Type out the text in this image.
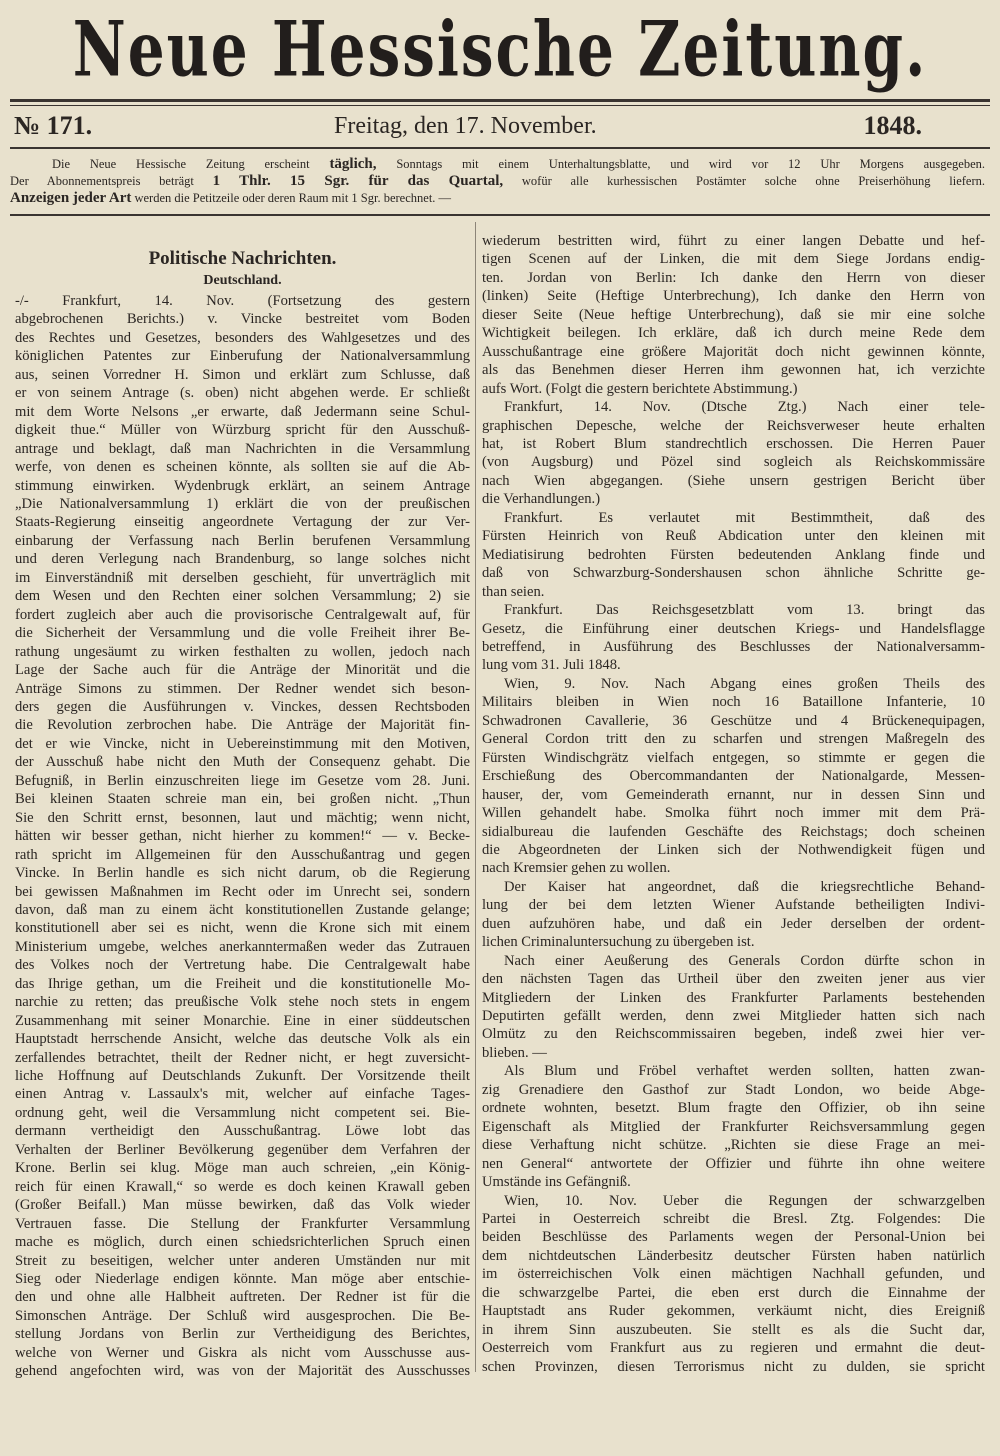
Neue Hessische Zeitung.
№ 171.	Freitag, den 17. November.	1848.
Die Neue Hessische Zeitung erscheint täglich, Sonntags mit einem Unterhaltungsblatte, und wird vor 12 Uhr Morgens ausgegeben.
Der Abonnementspreis beträgt 1 Thlr. 15 Sgr. für das Quartal, wofür alle kurhessischen Postämter solche ohne Preiserhöhung liefern.
Anzeigen jeder Art werden die Petitzeile oder deren Raum mit 1 Sgr. berechnet. —
Politische Nachrichten.
Deutschland.
-/- Frankfurt, 14. Nov. (Fortsetzung des gestern
abgebrochenen Berichts.) v. Vincke bestreitet vom Boden
des Rechtes und Gesetzes, besonders des Wahlgesetzes und des
königlichen Patentes zur Einberufung der Nationalversammlung
aus, seinen Vorredner H. Simon und erklärt zum Schlusse, daß
er von seinem Antrage (s. oben) nicht abgehen werde. Er schließt
mit dem Worte Nelsons „er erwarte, daß Jedermann seine Schul-
digkeit thue.“ Müller von Würzburg spricht für den Ausschuß-
antrage und beklagt, daß man Nachrichten in die Versammlung
werfe, von denen es scheinen könnte, als sollten sie auf die Ab-
stimmung einwirken. Wydenbrugk erklärt, an seinem Antrage
„Die Nationalversammlung 1) erklärt die von der preußischen
Staats-Regierung einseitig angeordnete Vertagung der zur Ver-
einbarung der Verfassung nach Berlin berufenen Versammlung
und deren Verlegung nach Brandenburg, so lange solches nicht
im Einverständniß mit derselben geschieht, für unverträglich mit
dem Wesen und den Rechten einer solchen Versammlung; 2) sie
fordert zugleich aber auch die provisorische Centralgewalt auf, für
die Sicherheit der Versammlung und die volle Freiheit ihrer Be-
rathung ungesäumt zu wirken festhalten zu wollen, jedoch nach
Lage der Sache auch für die Anträge der Minorität und die
Anträge Simons zu stimmen. Der Redner wendet sich beson-
ders gegen die Ausführungen v. Vinckes, dessen Rechtsboden
die Revolution zerbrochen habe. Die Anträge der Majorität fin-
det er wie Vincke, nicht in Uebereinstimmung mit den Motiven,
der Ausschuß habe nicht den Muth der Consequenz gehabt. Die
Befugniß, in Berlin einzuschreiten liege im Gesetze vom 28. Juni.
Bei kleinen Staaten schreie man ein, bei großen nicht. „Thun
Sie den Schritt ernst, besonnen, laut und mächtig; wenn nicht,
hätten wir besser gethan, nicht hierher zu kommen!“ — v. Becke-
rath spricht im Allgemeinen für den Ausschußantrag und gegen
Vincke. In Berlin handle es sich nicht darum, ob die Regierung
bei gewissen Maßnahmen im Recht oder im Unrecht sei, sondern
davon, daß man zu einem ächt konstitutionellen Zustande gelange;
konstitutionell aber sei es nicht, wenn die Krone sich mit einem
Ministerium umgebe, welches anerkanntermaßen weder das Zutrauen
des Volkes noch der Vertretung habe. Die Centralgewalt habe
das Ihrige gethan, um die Freiheit und die konstitutionelle Mo-
narchie zu retten; das preußische Volk stehe noch stets in engem
Zusammenhang mit seiner Monarchie. Eine in einer süddeutschen
Hauptstadt herrschende Ansicht, welche das deutsche Volk als ein
zerfallendes betrachtet, theilt der Redner nicht, er hegt zuversicht-
liche Hoffnung auf Deutschlands Zukunft. Der Vorsitzende theilt
einen Antrag v. Lassaulx's mit, welcher auf einfache Tages-
ordnung geht, weil die Versammlung nicht competent sei. Bie-
dermann vertheidigt den Ausschußantrag. Löwe lobt das
Verhalten der Berliner Bevölkerung gegenüber dem Verfahren der
Krone. Berlin sei klug. Möge man auch schreien, „ein König-
reich für einen Krawall,“ so werde es doch keinen Krawall geben
(Großer Beifall.) Man müsse bewirken, daß das Volk wieder
Vertrauen fasse. Die Stellung der Frankfurter Versammlung
mache es möglich, durch einen schiedsrichterlichen Spruch einen
Streit zu beseitigen, welcher unter anderen Umständen nur mit
Sieg oder Niederlage endigen könnte. Man möge aber entschie-
den und ohne alle Halbheit auftreten. Der Redner ist für die
Simonschen Anträge. Der Schluß wird ausgesprochen. Die Be-
stellung Jordans von Berlin zur Vertheidigung des Berichtes,
welche von Werner und Giskra als nicht vom Ausschusse aus-
gehend angefochten wird, was von der Majorität des Ausschusses
wiederum bestritten wird, führt zu einer langen Debatte und hef-
tigen Scenen auf der Linken, die mit dem Siege Jordans endig-
ten. Jordan von Berlin: Ich danke den Herrn von dieser
(linken) Seite (Heftige Unterbrechung), Ich danke den Herrn von
dieser Seite (Neue heftige Unterbrechung), daß sie mir eine solche
Wichtigkeit beilegen. Ich erkläre, daß ich durch meine Rede dem
Ausschußantrage eine größere Majorität doch nicht gewinnen könnte,
als das Benehmen dieser Herren ihm gewonnen hat, ich verzichte
aufs Wort. (Folgt die gestern berichtete Abstimmung.)
Frankfurt, 14. Nov. (Dtsche Ztg.) Nach einer tele-
graphischen Depesche, welche der Reichsverweser heute erhalten
hat, ist Robert Blum standrechtlich erschossen. Die Herren Pauer
(von Augsburg) und Pözel sind sogleich als Reichskommissäre
nach Wien abgegangen. (Siehe unsern gestrigen Bericht über
die Verhandlungen.)
Frankfurt. Es verlautet mit Bestimmtheit, daß des
Fürsten Heinrich von Reuß Abdication unter den kleinen mit
Mediatisirung bedrohten Fürsten bedeutenden Anklang finde und
daß von Schwarzburg-Sondershausen schon ähnliche Schritte ge-
than seien.
Frankfurt. Das Reichsgesetzblatt vom 13. bringt das
Gesetz, die Einführung einer deutschen Kriegs- und Handelsflagge
betreffend, in Ausführung des Beschlusses der Nationalversamm-
lung vom 31. Juli 1848.
Wien, 9. Nov. Nach Abgang eines großen Theils des
Militairs bleiben in Wien noch 16 Bataillone Infanterie, 10
Schwadronen Cavallerie, 36 Geschütze und 4 Brückenequipagen,
General Cordon tritt den zu scharfen und strengen Maßregeln des
Fürsten Windischgrätz vielfach entgegen, so stimmte er gegen die
Erschießung des Obercommandanten der Nationalgarde, Messen-
hauser, der, vom Gemeinderath ernannt, nur in dessen Sinn und
Willen gehandelt habe. Smolka führt noch immer mit dem Prä-
sidialbureau die laufenden Geschäfte des Reichstags; doch scheinen
die Abgeordneten der Linken sich der Nothwendigkeit fügen und
nach Kremsier gehen zu wollen.
Der Kaiser hat angeordnet, daß die kriegsrechtliche Behand-
lung der bei dem letzten Wiener Aufstande betheiligten Indivi-
duen aufzuhören habe, und daß ein Jeder derselben der ordent-
lichen Criminaluntersuchung zu übergeben ist.
Nach einer Aeußerung des Generals Cordon dürfte schon in
den nächsten Tagen das Urtheil über den zweiten jener aus vier
Mitgliedern der Linken des Frankfurter Parlaments bestehenden
Deputirten gefällt werden, denn zwei Mitglieder hatten sich nach
Olmütz zu den Reichscommissairen begeben, indeß zwei hier ver-
blieben. —
Als Blum und Fröbel verhaftet werden sollten, hatten zwan-
zig Grenadiere den Gasthof zur Stadt London, wo beide Abge-
ordnete wohnten, besetzt. Blum fragte den Offizier, ob ihn seine
Eigenschaft als Mitglied der Frankfurter Reichsversammlung gegen
diese Verhaftung nicht schütze. „Richten sie diese Frage an mei-
nen General“ antwortete der Offizier und führte ihn ohne weitere
Umstände ins Gefängniß.
Wien, 10. Nov. Ueber die Regungen der schwarzgelben
Partei in Oesterreich schreibt die Bresl. Ztg. Folgendes: Die
beiden Beschlüsse des Parlaments wegen der Personal-Union bei
dem nichtdeutschen Länderbesitz deutscher Fürsten haben natürlich
im österreichischen Volk einen mächtigen Nachhall gefunden, und
die schwarzgelbe Partei, die eben erst durch die Einnahme der
Hauptstadt ans Ruder gekommen, verkäumt nicht, dies Ereigniß
in ihrem Sinn auszubeuten. Sie stellt es als die Sucht dar,
Oesterreich vom Frankfurt aus zu regieren und ermahnt die deut-
schen Provinzen, diesen Terrorismus nicht zu dulden, sie spricht
